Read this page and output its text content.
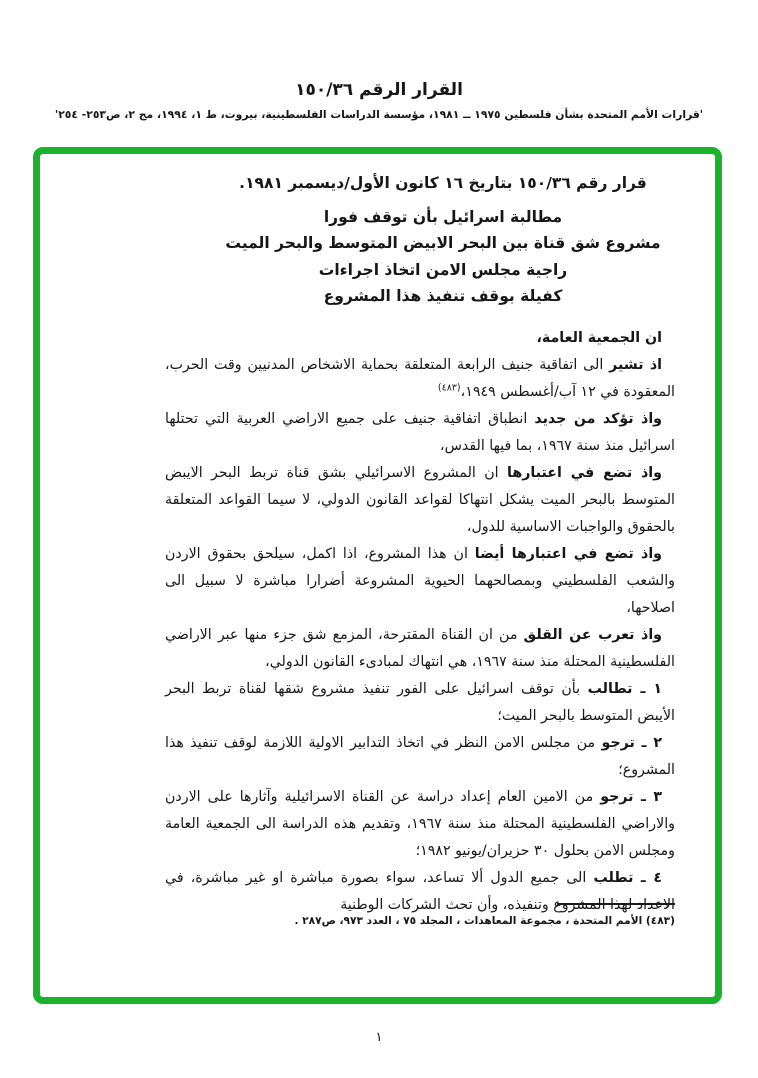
القرار الرقم ١٥٠/٣٦
'قرارات الأمم المتحدة بشأن فلسطين ١٩٧٥ ــ ١٩٨١، مؤسسة الدراسات الفلسطينية، بيروت، ط ١، ١٩٩٤، مج ٢، ص٢٥٣- ٢٥٤'
قرار رقم ١٥٠/٣٦ بتاريخ ١٦ كانون الأول/ديسمبر ١٩٨١.
مطالبة اسرائيل بأن توقف فورا
مشروع شق قناة بين البحر الابيض المتوسط والبحر الميت
راجية مجلس الامن اتخاذ اجراءات
كفيلة بوقف تنفيذ هذا المشروع

ان الجمعية العامة،

اذ تشير الى اتفاقية جنيف الرابعة المتعلقة بحماية الاشخاص المدنيين وقت الحرب، المعقودة في ١٢ آب/أغسطس ١٩٤٩،$^{(٤٨٣)}$

واذ تؤكد من جديد انطباق اتفاقية جنيف على جميع الاراضي العربية التي تحتلها اسرائيل منذ سنة ١٩٦٧، بما فيها القدس،

واذ تضع في اعتبارها ان المشروع الاسرائيلي بشق قناة تربط البحر الايبض المتوسط بالبحر الميت يشكل انتهاكا لقواعد القانون الدولي، لا سيما القواعد المتعلقة بالحقوق والواجبات الاساسية للدول،

واذ تضع في اعتبارها أيضا ان هذا المشروع، اذا اكمل، سيلحق بحقوق الاردن والشعب الفلسطيني وبمصالحهما الحيوية المشروعة أضرارا مباشرة لا سبيل الى اصلاحها،

واذ تعرب عن القلق من ان القناة المقترحة، المزمع شق جزء منها عبر الاراضي الفلسطينية المحتلة منذ سنة ١٩٦٧، هي انتهاك لمبادىء القانون الدولي،

١ ـ تطالب بأن توقف اسرائيل على الفور تنفيذ مشروع شقها لقناة تربط البحر الأيبض المتوسط بالبحر الميت؛

٢ ـ ترجو من مجلس الامن النظر في اتخاذ التدابير الاولية اللازمة لوقف تنفيذ هذا المشروع؛

٣ ـ ترجو من الامين العام إعداد دراسة عن القناة الاسرائيلية وآثارها على الاردن والاراضي الفلسطينية المحتلة منذ سنة ١٩٦٧، وتقديم هذه الدراسة الى الجمعية العامة ومجلس الامن بحلول ٣٠ حزيران/يونيو ١٩٨٢؛

٤ ـ تطلب الى جميع الدول ألا تساعد، سواء بصورة مباشرة او غير مباشرة، في الاعداد لهذا المشروع وتنفيذه، وأن تحث الشركات الوطنية

(٤٨٣) الأمم المتحدة ، مجموعة المعاهدات ، المجلد ٧٥ ، العدد ٩٧٣، ص٢٨٧ .
١
